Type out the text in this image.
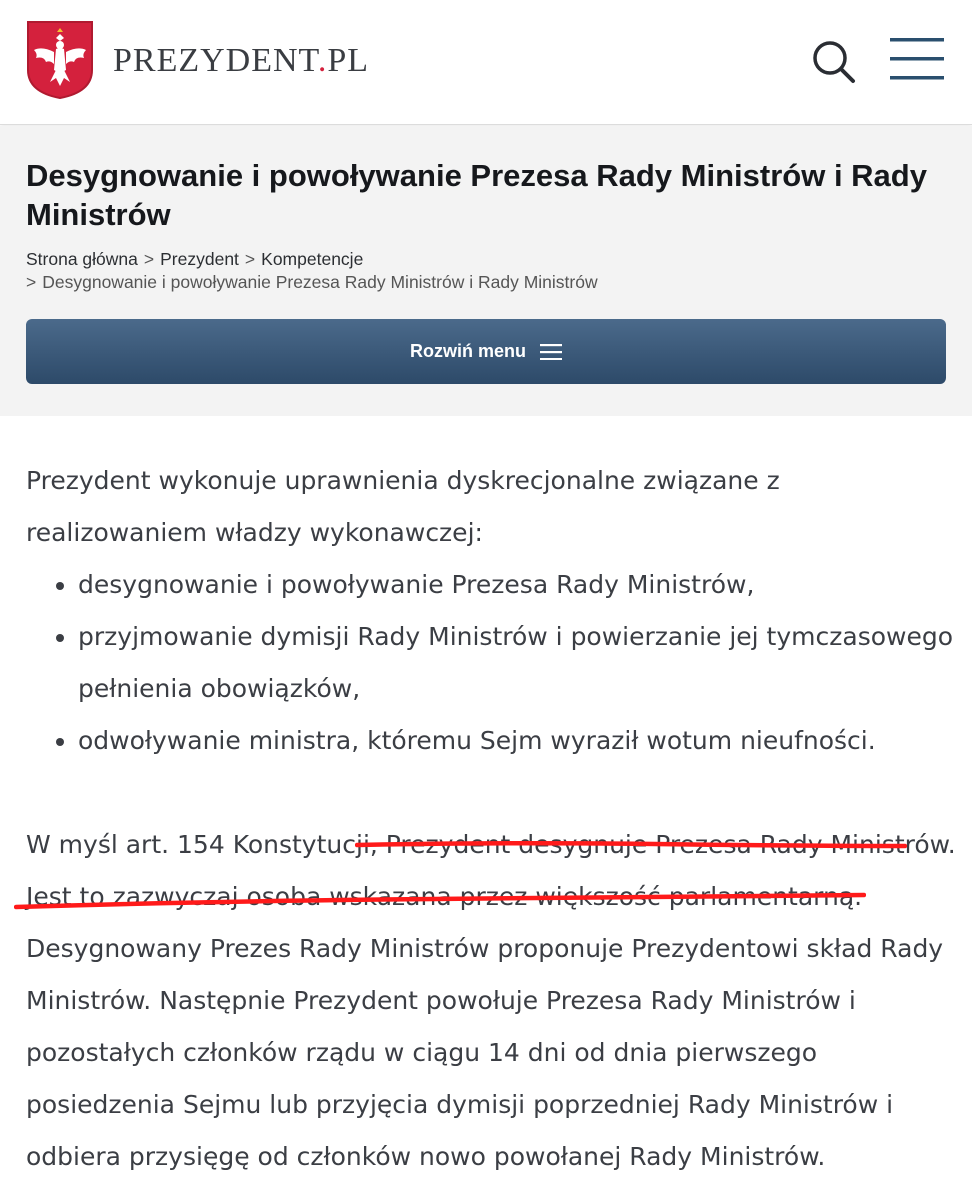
PREZYDENT.PL
Desygnowanie i powoływanie Prezesa Rady Ministrów i Rady Ministrów
Strona główna > Prezydent > Kompetencje
> Desygnowanie i powoływanie Prezesa Rady Ministrów i Rady Ministrów
Rozwiń menu

Prezydent wykonuje uprawnienia dyskrecjonalne związane z realizowaniem władzy wykonawczej:

desygnowanie i powoływanie Prezesa Rady Ministrów,
przyjmowanie dymisji Rady Ministrów i powierzanie jej tymczasowego pełnienia obowiązków,
odwoływanie ministra, któremu Sejm wyraził wotum nieufności.

W myśl art. 154 Konstytucji, Prezydent desygnuje Prezesa Rady Ministrów. Jest to zazwyczaj osoba wskazana przez większość parlamentarną. Desygnowany Prezes Rady Ministrów proponuje Prezydentowi skład Rady Ministrów. Następnie Prezydent powołuje Prezesa Rady Ministrów i pozostałych członków rządu w ciągu 14 dni od dnia pierwszego posiedzenia Sejmu lub przyjęcia dymisji poprzedniej Rady Ministrów i odbiera przysięgę od członków nowo powołanej Rady Ministrów.
